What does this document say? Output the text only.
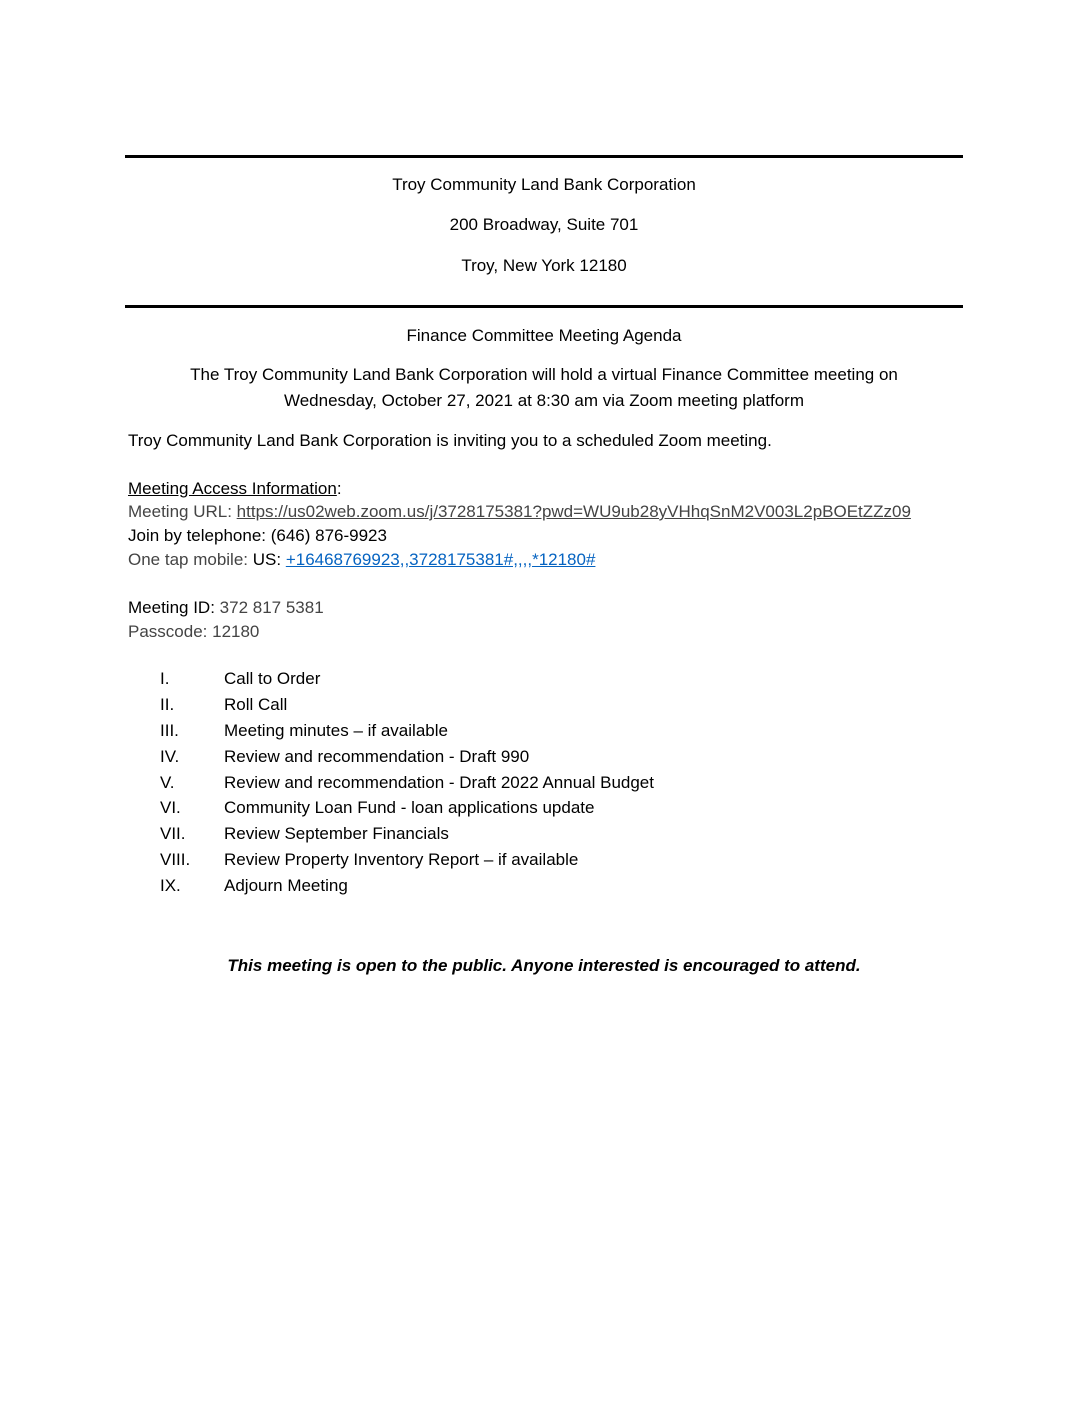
Troy Community Land Bank Corporation
200 Broadway, Suite 701
Troy, New York 12180
Finance Committee Meeting Agenda
The Troy Community Land Bank Corporation will hold a virtual Finance Committee meeting on
Wednesday, October 27, 2021 at 8:30 am via Zoom meeting platform
Troy Community Land Bank Corporation is inviting you to a scheduled Zoom meeting.
Meeting Access Information:
Meeting URL: https://us02web.zoom.us/j/3728175381?pwd=WU9ub28yVHhqSnM2V003L2pBOEtZZz09
Join by telephone: (646) 876-9923
One tap mobile: US: +16468769923,,3728175381#,,,,*12180#
Meeting ID: 372 817 5381
Passcode: 12180
I.	Call to Order
II.	Roll Call
III.	Meeting minutes – if available
IV.	Review and recommendation - Draft 990
V.	Review and recommendation - Draft 2022 Annual Budget
VI.	Community Loan Fund - loan applications update
VII.	Review September Financials
VIII.	Review Property Inventory Report – if available
IX.	Adjourn Meeting
This meeting is open to the public. Anyone interested is encouraged to attend.
